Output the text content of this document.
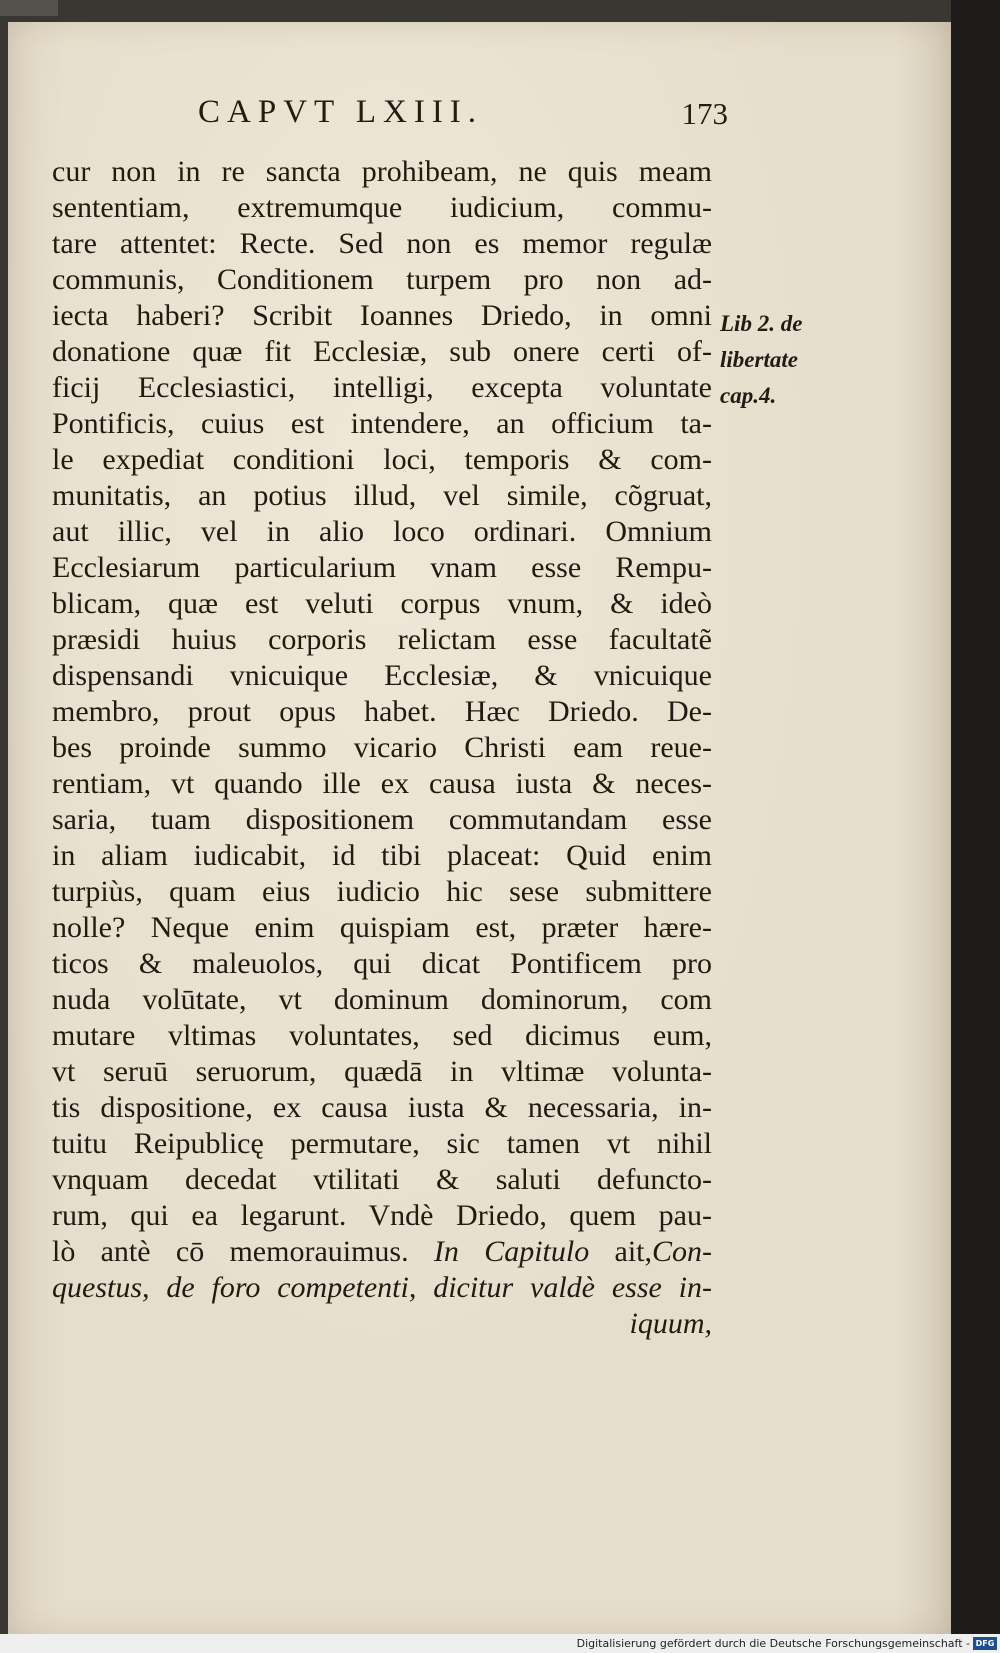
CAPVT LXIII.	173
cur non in re sancta prohibeam, ne quis meam
sententiam, extremumque iudicium, commu-
tare attentet: Recte. Sed non es memor regulæ
communis, Conditionem turpem pro non ad-
iecta haberi? Scribit Ioannes Driedo, in omni
donatione quæ fit Ecclesiæ, sub onere certi of-
ficij Ecclesiastici, intelligi, excepta voluntate
Pontificis, cuius est intendere, an officium ta-
le expediat conditioni loci, temporis & com-
munitatis, an potius illud, vel simile, cõgruat,
aut illic, vel in alio loco ordinari. Omnium
Ecclesiarum particularium vnam esse Rempu-
blicam, quæ est veluti corpus vnum, & ideò
præsidi huius corporis relictam esse facultatẽ
dispensandi vnicuique Ecclesiæ, & vnicuique
membro, prout opus habet. Hæc Driedo. De-
bes proinde summo vicario Christi eam reue-
rentiam, vt quando ille ex causa iusta & neces-
saria, tuam dispositionem commutandam esse
in aliam iudicabit, id tibi placeat: Quid enim
turpiùs, quam eius iudicio hic sese submittere
nolle? Neque enim quispiam est, præter hære-
ticos & maleuolos, qui dicat Pontificem pro
nuda volūtate, vt dominum dominorum, com
mutare vltimas voluntates, sed dicimus eum,
vt seruū seruorum, quædā in vltimæ volunta-
tis dispositione, ex causa iusta & necessaria, in-
tuitu Reipublicę permutare, sic tamen vt nihil
vnquam decedat vtilitati & saluti defuncto-
rum, qui ea legarunt. Vndè Driedo, quem pau-
lò antè cō memorauimus. In Capitulo ait,Con-
questus, de foro competenti, dicitur valdè esse in-
iquum,
Lib 2. de
libertate
cap.4.
Digitalisierung gefördert durch die Deutsche Forschungsgemeinschaft - DFG
